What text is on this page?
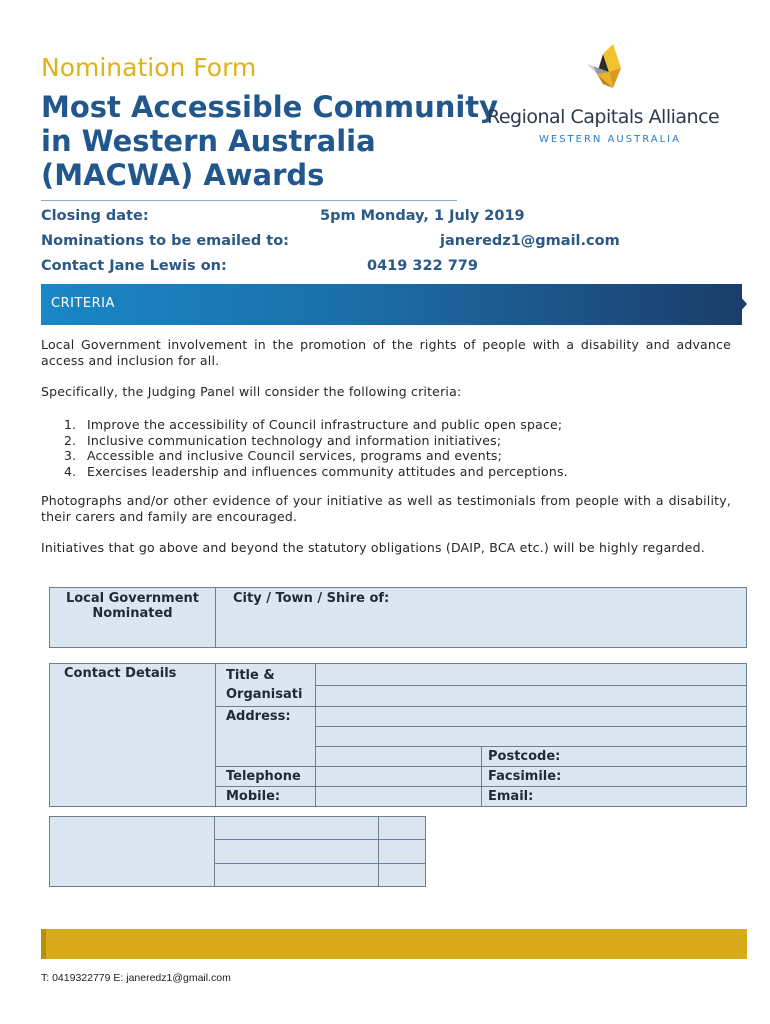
Nomination Form
Most Accessible Community in Western Australia (MACWA) Awards
Regional Capitals Alliance
WESTERN AUSTRALIA
Closing date:	5pm Monday, 1 July 2019
Nominations to be emailed to:	janeredz1@gmail.com
Contact Jane Lewis on:	0419 322 779
CRITERIA
Local Government involvement in the promotion of the rights of people with a disability and advance access and inclusion for all.
Specifically, the Judging Panel will consider the following criteria:
1. Improve the accessibility of Council infrastructure and public open space;
2. Inclusive communication technology and information initiatives;
3. Accessible and inclusive Council services, programs and events;
4. Exercises leadership and influences community attitudes and perceptions.
Photographs and/or other evidence of your initiative as well as testimonials from people with a disability, their carers and family are encouraged.
Initiatives that go above and beyond the statutory obligations (DAIP, BCA etc.) will be highly regarded.
Local Government Nominated	City / Town / Shire of:
Contact Details	Title & Organisati		

	Address:		

			Postcode:
	Telephone		Facsimile:
	Mobile:		Email:

T: 0419322779 E: janeredz1@gmail.com
